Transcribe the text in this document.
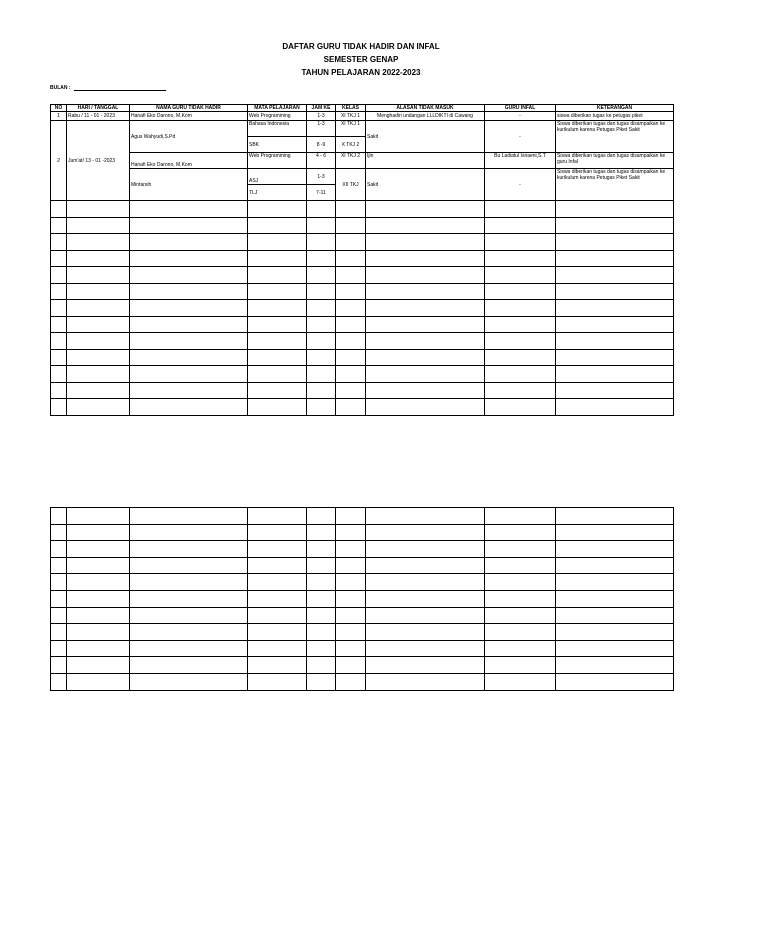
DAFTAR GURU TIDAK HADIR DAN INFAL
SEMESTER GENAP
TAHUN PELAJARAN 2022-2023
BULAN :
NO	HARI / TANGGAL	NAMA GURU TIDAK HADIR	MATA PELAJARAN	JAM KE	KELAS	ALASAN TIDAK MASUK	GURU INFAL	KETERANGAN
1	Rabu / 11 - 01 - 2023	Hanafi Eko Darono, M.Kom	Web Programming	1-3	XI TKJ 1	Menghadiri undangan LLLDIKTI di Cawang	-	siswa diberikan tugas ke petugas piket
2	Jum'at/ 13 - 01 -2023	Agus Wahyudi,S.Pd	Bahasa Indonesia	1-3	XI TKJ 1	Sakit	-	Siswa diberikan tugas dan tugas disampaikan ke kurikulum karena Petugas Piket Sakit
			SBK	8 -9	X TKJ 2			
		Hanafi Eko Darono, M.Kom	Web Programming	4 - 6	XI TKJ 2	Ijin	Bu Ladiatul Isnaeni,S.T	Siswa diberikan tugas dan tugas disampaikan ke guru Infal
		Mintarsih	ASJ	1-3	XII TKJ	Sakit	-	Siswa diberikan tugas dan tugas disampaikan ke kurikulum karena Petugas Piket Sakit
			TLJ	7-11				
